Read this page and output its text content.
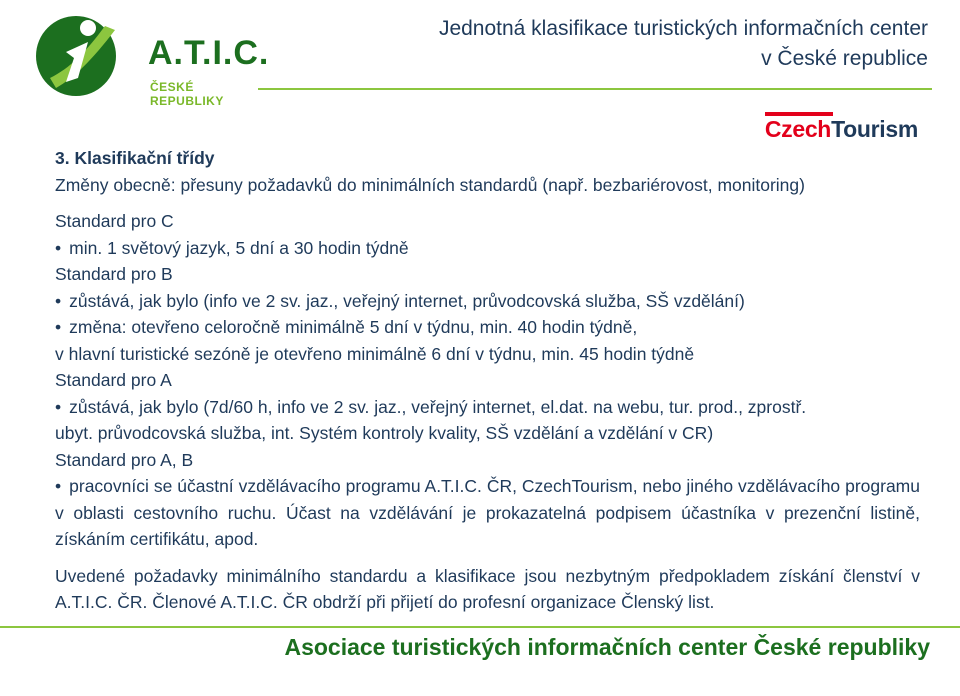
A.T.I.C.
ČESKÉ REPUBLIKY
Jednotná klasifikace turistických informačních center
v České republice
CzechTourism

3. Klasifikační třídy

Změny obecně: přesuny požadavků do minimálních standardů (např. bezbariérovost, monitoring)

Standard pro C

• min. 1 světový jazyk, 5 dní a 30 hodin týdně

Standard pro B

• zůstává, jak bylo (info ve 2 sv. jaz., veřejný internet, průvodcovská služba, SŠ vzdělání)

• změna: otevřeno celoročně minimálně 5 dní v týdnu, min. 40 hodin týdně,

v hlavní turistické sezóně je otevřeno minimálně 6 dní v týdnu, min. 45 hodin týdně

Standard pro A

• zůstává, jak bylo (7d/60 h, info ve 2 sv. jaz., veřejný internet, el.dat. na webu, tur. prod., zprostř.

ubyt. průvodcovská služba, int. Systém kontroly kvality, SŠ vzdělání a vzdělání v CR)

Standard pro A, B

• pracovníci se účastní vzdělávacího programu A.T.I.C. ČR, CzechTourism, nebo jiného vzdělávacího programu v oblasti cestovního ruchu. Účast na vzdělávání je prokazatelná podpisem účastníka v prezenční listině, získáním certifikátu, apod.

Uvedené požadavky minimálního standardu a klasifikace jsou nezbytným předpokladem získání členství v A.T.I.C. ČR. Členové A.T.I.C. ČR obdrží při přijetí do profesní organizace Členský list.

Asociace turistických informačních center České republiky
